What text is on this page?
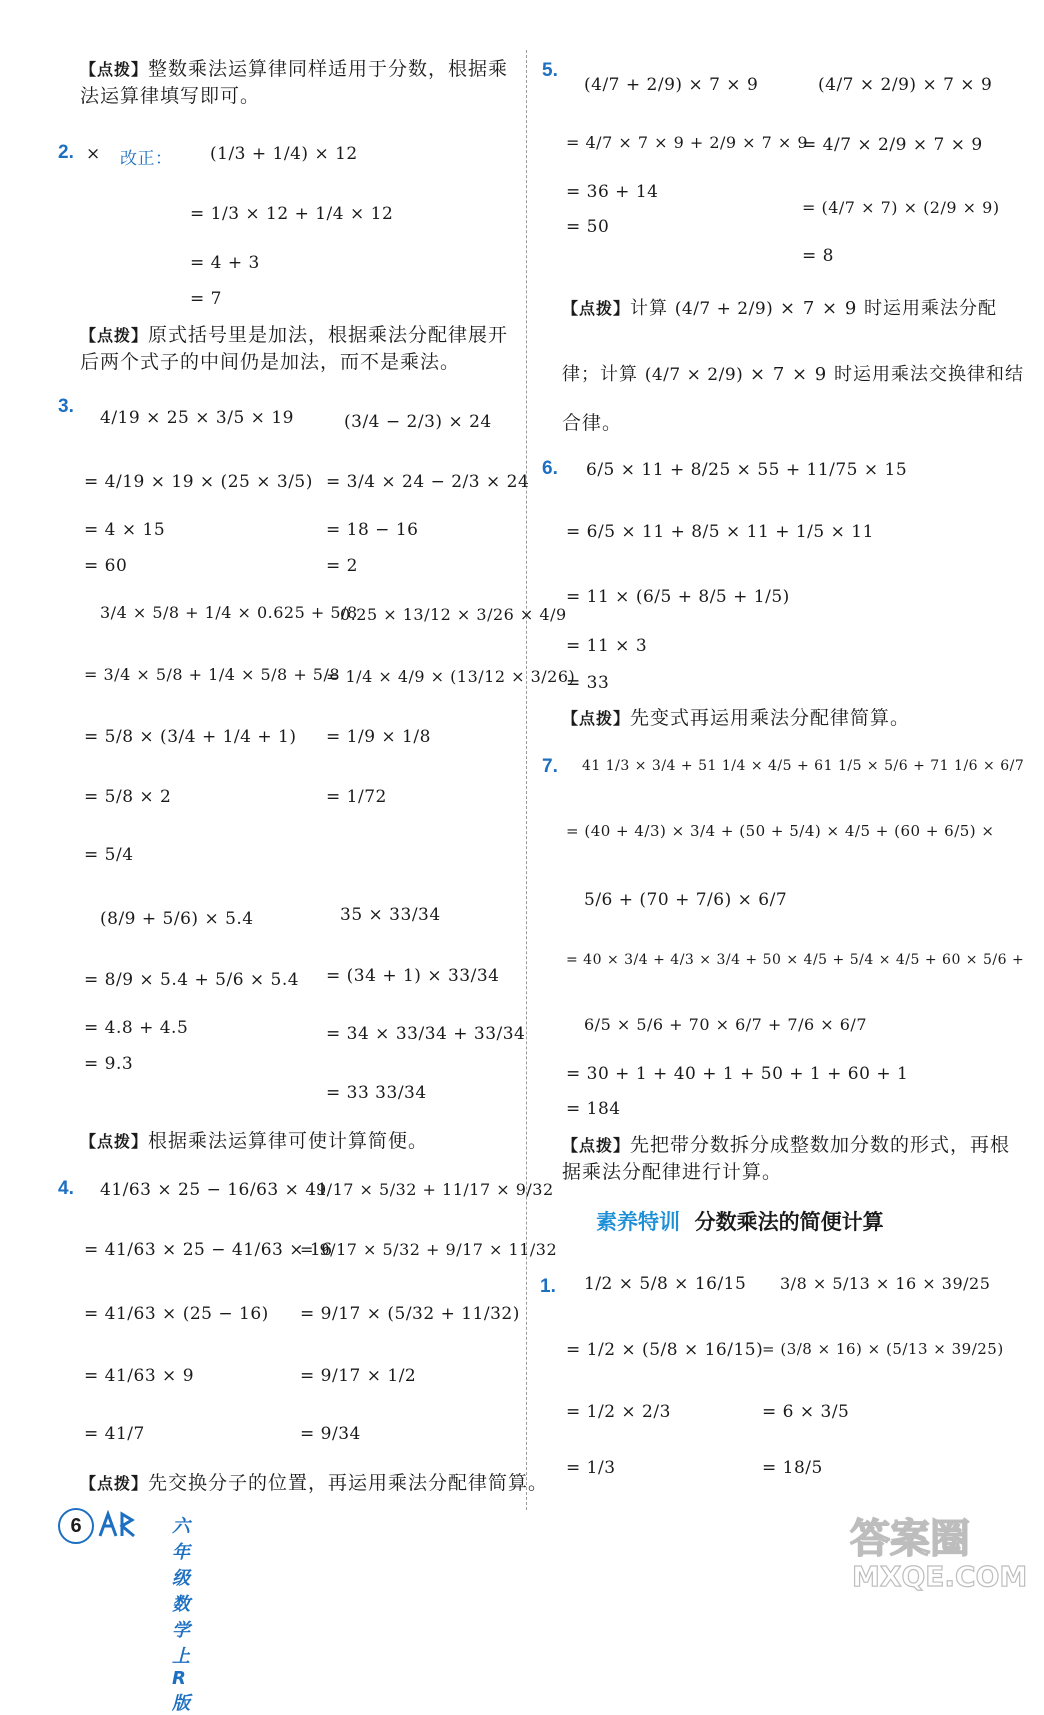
【点拨】整数乘法运算律同样适用于分数，根据乘法运算律填写即可。
2. × 改正： (1/3 + 1/4) × 12
= 1/3 × 12 + 1/4 × 12
= 4 + 3
= 7
【点拨】原式括号里是加法，根据乘法分配律展开后两个式子的中间仍是加法，而不是乘法。
3.
4/19 × 25 × 3/5 × 19
= 4/19 × 19 × (25 × 3/5)
= 4 × 15
= 60
(3/4 − 2/3) × 24
= 3/4 × 24 − 2/3 × 24
= 18 − 16
= 2
3/4 × 5/8 + 1/4 × 0.625 + 5/8
= 3/4 × 5/8 + 1/4 × 5/8 + 5/8
= 5/8 × (3/4 + 1/4 + 1)
= 5/8 × 2
= 5/4
0.25 × 13/12 × 3/26 × 4/9
= 1/4 × 4/9 × (13/12 × 3/26)
= 1/9 × 1/8
= 1/72
(8/9 + 5/6) × 5.4
= 8/9 × 5.4 + 5/6 × 5.4
= 4.8 + 4.5
= 9.3
35 × 33/34
= (34 + 1) × 33/34
= 34 × 33/34 + 33/34
= 33 33/34
【点拨】根据乘法运算律可使计算简便。
4. 41/63 × 25 − 16/63 × 41
= 41/63 × 25 − 41/63 × 16
= 41/63 × (25 − 16)
= 41/63 × 9
= 41/7
9/17 × 5/32 + 11/17 × 9/32
= 9/17 × 5/32 + 9/17 × 11/32
= 9/17 × (5/32 + 11/32)
= 9/17 × 1/2
= 9/34
【点拨】先交换分子的位置，再运用乘法分配律简算。
5.
(4/7 + 2/9) × 7 × 9
= 4/7 × 7 × 9 + 2/9 × 7 × 9
= 36 + 14
= 50
(4/7 × 2/9) × 7 × 9
= 4/7 × 2/9 × 7 × 9
= (4/7 × 7) × (2/9 × 9)
= 8
【点拨】计算 (4/7 + 2/9) × 7 × 9 时运用乘法分配
律；计算 (4/7 × 2/9) × 7 × 9 时运用乘法交换律和结
合律。
6. 6/5 × 11 + 8/25 × 55 + 11/75 × 15
= 6/5 × 11 + 8/5 × 11 + 1/5 × 11
= 11 × (6/5 + 8/5 + 1/5)
= 11 × 3
= 33
【点拨】先变式再运用乘法分配律简算。
7. 41 1/3 × 3/4 + 51 1/4 × 4/5 + 61 1/5 × 5/6 + 71 1/6 × 6/7
= (40 + 4/3) × 3/4 + (50 + 5/4) × 4/5 + (60 + 6/5) ×
5/6 + (70 + 7/6) × 6/7
= 40 × 3/4 + 4/3 × 3/4 + 50 × 4/5 + 5/4 × 4/5 + 60 × 5/6 +
6/5 × 5/6 + 70 × 6/7 + 7/6 × 6/7
= 30 + 1 + 40 + 1 + 50 + 1 + 60 + 1
= 184
【点拨】先把带分数拆分成整数加分数的形式，再根据乘法分配律进行计算。
素养特训 分数乘法的简便计算
1. 1/2 × 5/8 × 16/15
= 1/2 × (5/8 × 16/15)
= 1/2 × 2/3
= 1/3
3/8 × 5/13 × 16 × 39/25
= (3/8 × 16) × (5/13 × 39/25)
= 6 × 3/5
= 18/5
6	六年级 数学 上 R版
答案圈
MXQE.COM
